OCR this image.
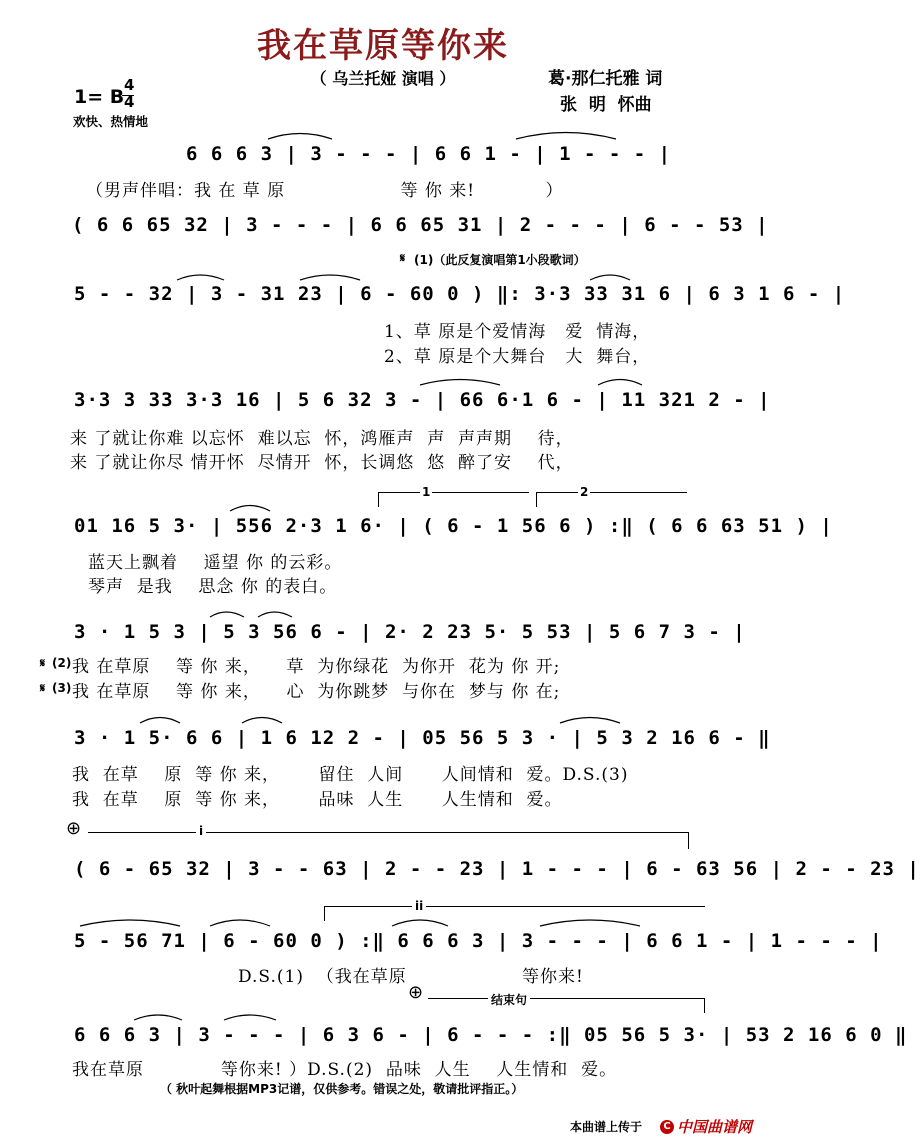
我在草原等你来
（ 乌兰托娅 演唱 ）	葛·那仁托雅 词
张  明  怀曲
1= B
4
4
欢快、热情地
6 6 6 3 | 3 - - - | 6 6 1 - | 1 - - - |
（男声伴唱：我 在 草 原                  等 你 来!           ）
( 6 6 65 32 | 3 - - - | 6 6 65 31 | 2 - - - | 6 - - 53 |
𝄋 (1)（此反复演唱第1小段歌词）
5 - - 32 | 3 - 31 23 | 6 - 60 0 ) ‖: 3·3 33 31 6 | 6 3 1 6 - |
1、草 原是个爱情海   爱  情海，
2、草 原是个大舞台   大  舞台，
3·3 3 33 3·3 16 | 5 6 32 3 - | 66 6·1 6 - | 11 321 2 - |
来 了就让你难 以忘怀  难以忘  怀，鸿雁声  声  声声期    待，
来 了就让你尽 情开怀  尽情开  怀，长调悠  悠  醉了安    代，
1	2
01 16 5 3· | 556 2·3 1 6· | ( 6 - 1 56 6 ) :‖ ( 6 6 63 51 ) |
蓝天上飘着    遥望 你 的云彩。
琴声  是我    思念 你 的表白。
3 · 1 5 3 | 5 3 56 6 - | 2· 2 23 5· 5 53 | 5 6 7 3 - |
𝄋 (2) 我 在草原    等 你 来，    草  为你绿花  为你开  花为 你 开;
𝄋 (3) 我 在草原    等 你 来，    心  为你跳梦  与你在  梦与 你 在;
3 · 1 5· 6 6 | 1 6 12 2 - | 05 56 5 3 · | 5 3 2 16 6 - ‖
我  在草    原  等 你 来，      留住  人间      人间情和  爱。D.S.(3)
我  在草    原  等 你 来，      品味  人生      人生情和  爱。
⊕	i
( 6 - 65 32 | 3 - - 63 | 2 - - 23 | 1 - - - | 6 - 63 56 | 2 - - 23 |
ii
5 - 56 71 | 6 - 60 0 ) :‖ 6 6 6 3 | 3 - - - | 6 6 1 - | 1 - - - |
D.S.(1)  （我在草原                  等你来!
⊕	结束句
6 6 6 3 | 3 - - - | 6 3 6 - | 6 - - - :‖ 05 56 5 3· | 53 2 16 6 0 ‖
我在草原            等你来! ）D.S.(2)  品味  人生    人生情和  爱。
（ 秋叶起舞根据MP3记谱，仅供参考。错误之处，敬请批评指正。）
本曲谱上传于	C 中国曲谱网
